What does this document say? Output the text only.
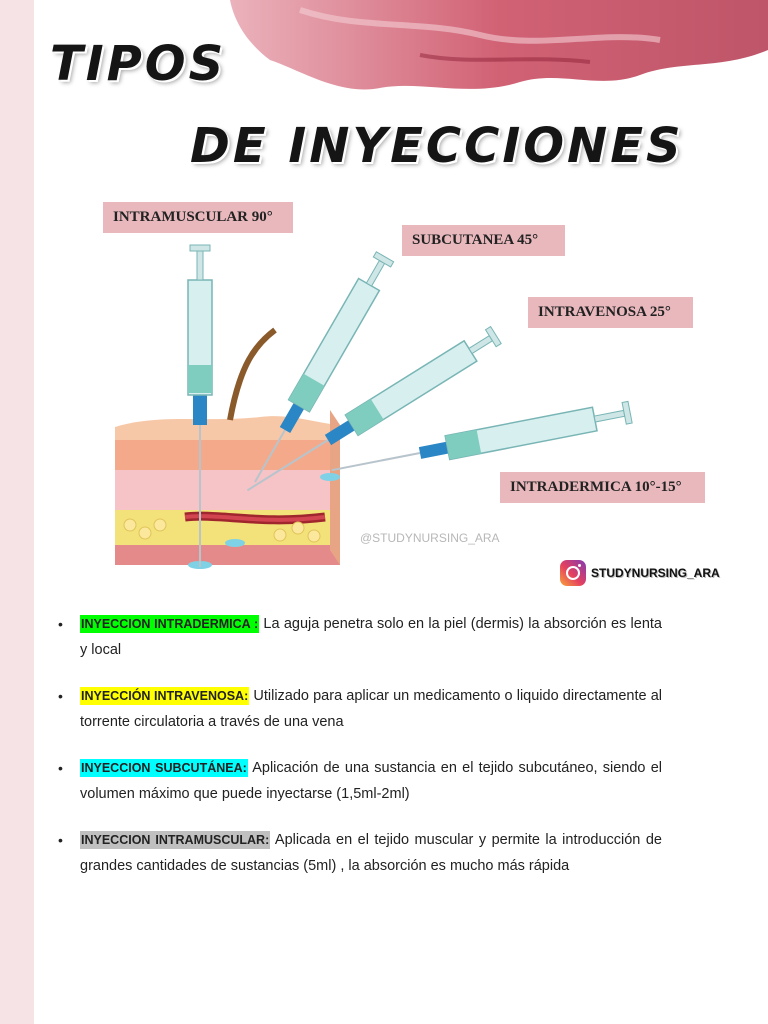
TIPOS
DE INYECCIONES
@STUDYNURSING_ARA
INTRAMUSCULAR 90°
SUBCUTANEA 45°
INTRAVENOSA 25°
INTRADERMICA 10°-15°
STUDYNURSING_ARA
• INYECCION INTRADERMICA : La aguja penetra solo en la piel (dermis) la absorción es lenta y local
• INYECCIÓN INTRAVENOSA: Utilizado para aplicar un medicamento o liquido directamente al torrente circulatoria a través de una vena
• INYECCION SUBCUTÁNEA: Aplicación de una sustancia en el tejido subcutáneo, siendo el volumen máximo que puede inyectarse (1,5ml-2ml)
• INYECCION INTRAMUSCULAR: Aplicada en el tejido muscular y permite la introducción de grandes cantidades de sustancias (5ml) , la absorción es mucho más rápida
